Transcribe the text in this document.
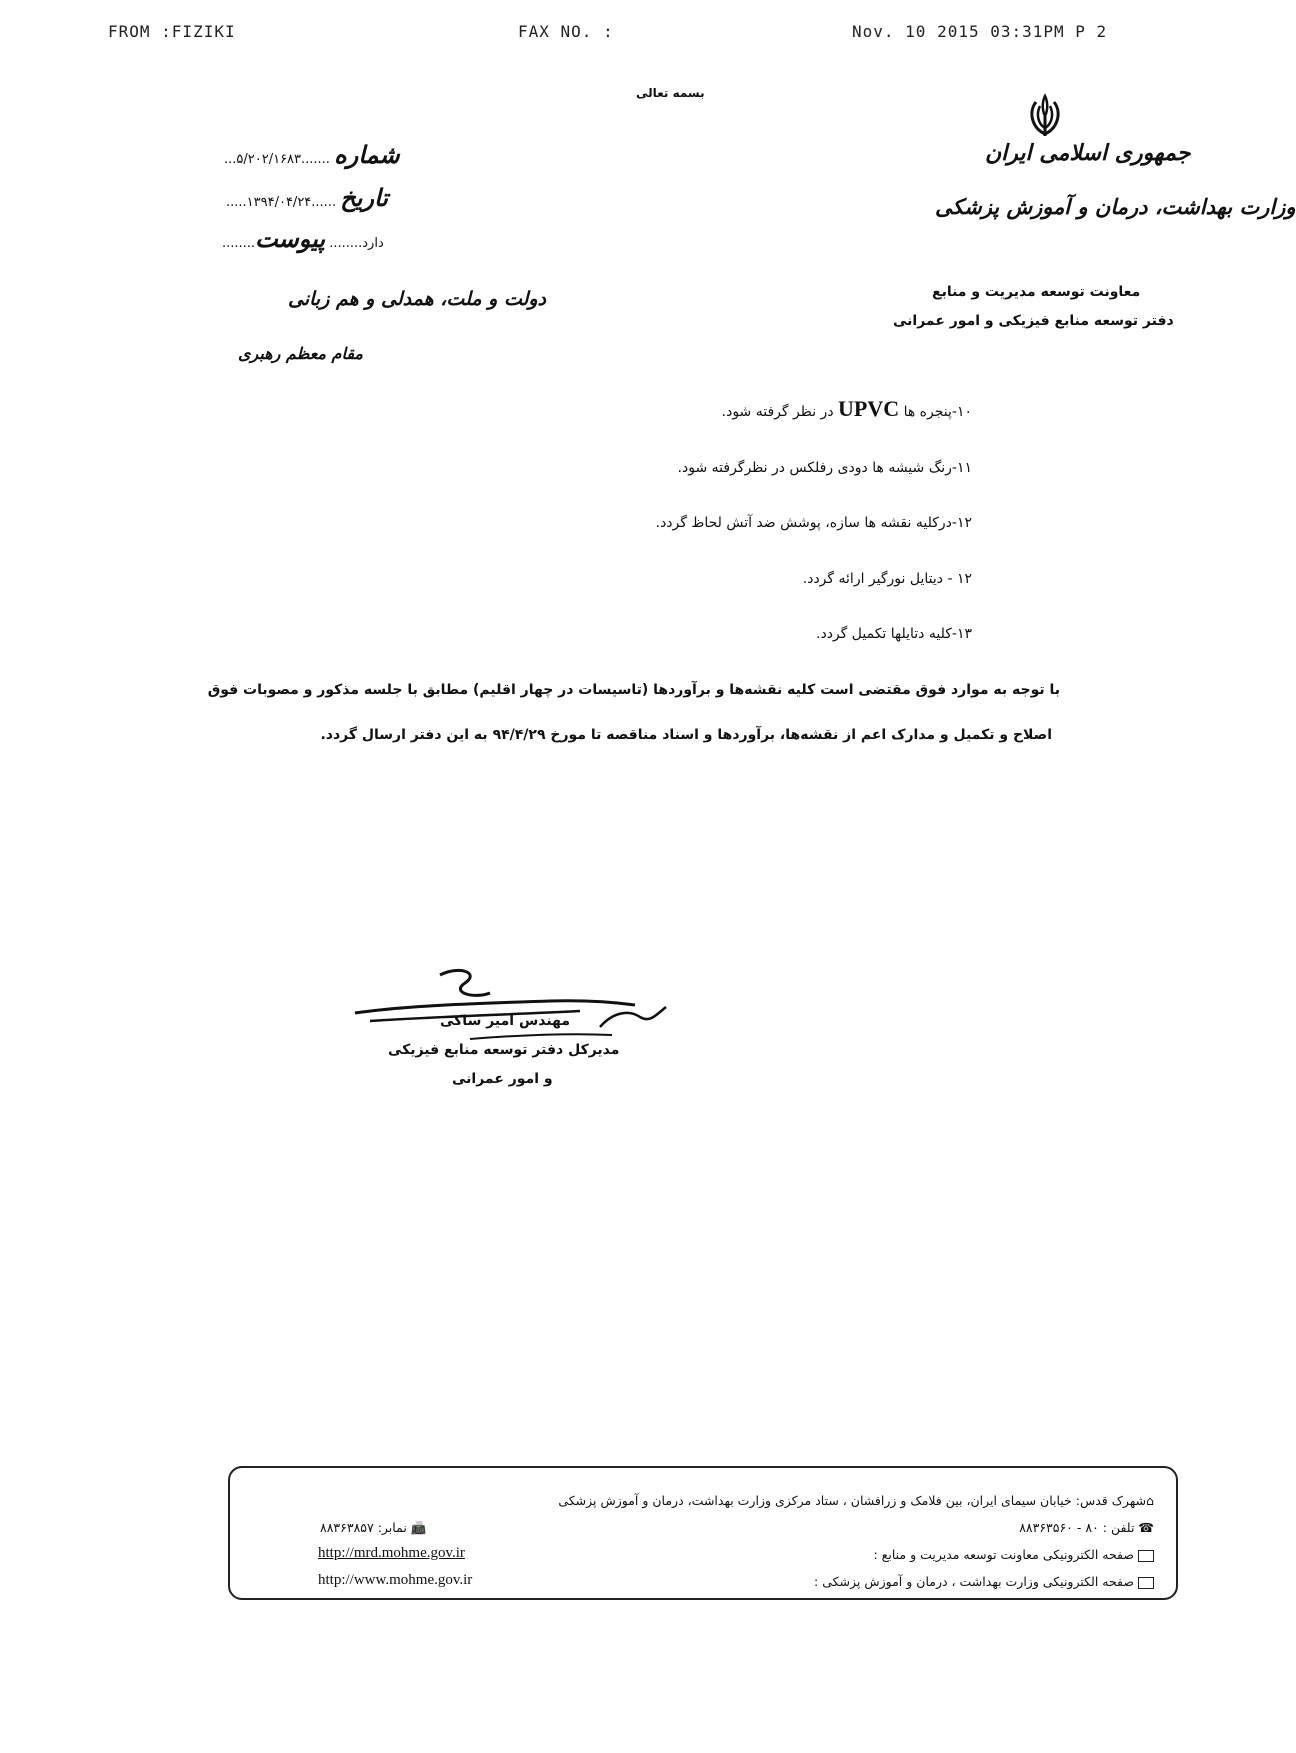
FROM :FIZIKI	FAX NO. :	Nov. 10 2015 03:31PM P 2
بسمه تعالی
جمهوری اسلامی ایران
وزارت بهداشت، درمان و آموزش پزشکی
...۵/۲۰۲/۱۶۸۳....... شماره
.....۱۳۹۴/۰۴/۲۴...... تاریخ
........دارد........ پیوست
دولت و ملت، همدلی و هم زبانی
مقام معظم رهبری
معاونت توسعه مدیریت و منابع
دفتر توسعه منابع فیزیکی و امور عمرانی
۱۰-پنجره ها UPVC در نظر گرفته شود.
۱۱-رنگ شیشه ها دودی رفلکس در نظرگرفته شود.
۱۲-درکلیه نقشه ها سازه، پوشش ضد آتش لحاظ گردد.
۱۲ - دیتایل نورگیر ارائه گردد.
۱۳-کلیه دتایلها تکمیل گردد.
با توجه به موارد فوق مقتضی است کلیه نقشه‌ها و برآوردها (تاسیسات در چهار اقلیم) مطابق با جلسه مذکور و مصوبات فوق
اصلاح و تکمیل و مدارک اعم از نقشه‌ها، برآوردها و اسناد مناقصه تا مورخ ۹۴/۴/۲۹ به این دفتر ارسال گردد.
مهندس امیر ساکی
مدیرکل دفتر توسعه منابع فیزیکی
و امور عمرانی
⌂شهرک قدس: خیابان سیمای ایران، بین فلامک و زرافشان ، ستاد مرکزی وزارت بهداشت، درمان و آموزش پزشکی
☎ تلفن : ۸۰ - ۸۸۳۶۳۵۶۰
📠 نمابر: ۸۸۳۶۳۸۵۷
صفحه الکترونیکی معاونت توسعه مدیریت و منابع :
صفحه الکترونیکی وزارت بهداشت ، درمان و آموزش پزشکی :
http://mrd.mohme.gov.ir
http://www.mohme.gov.ir
